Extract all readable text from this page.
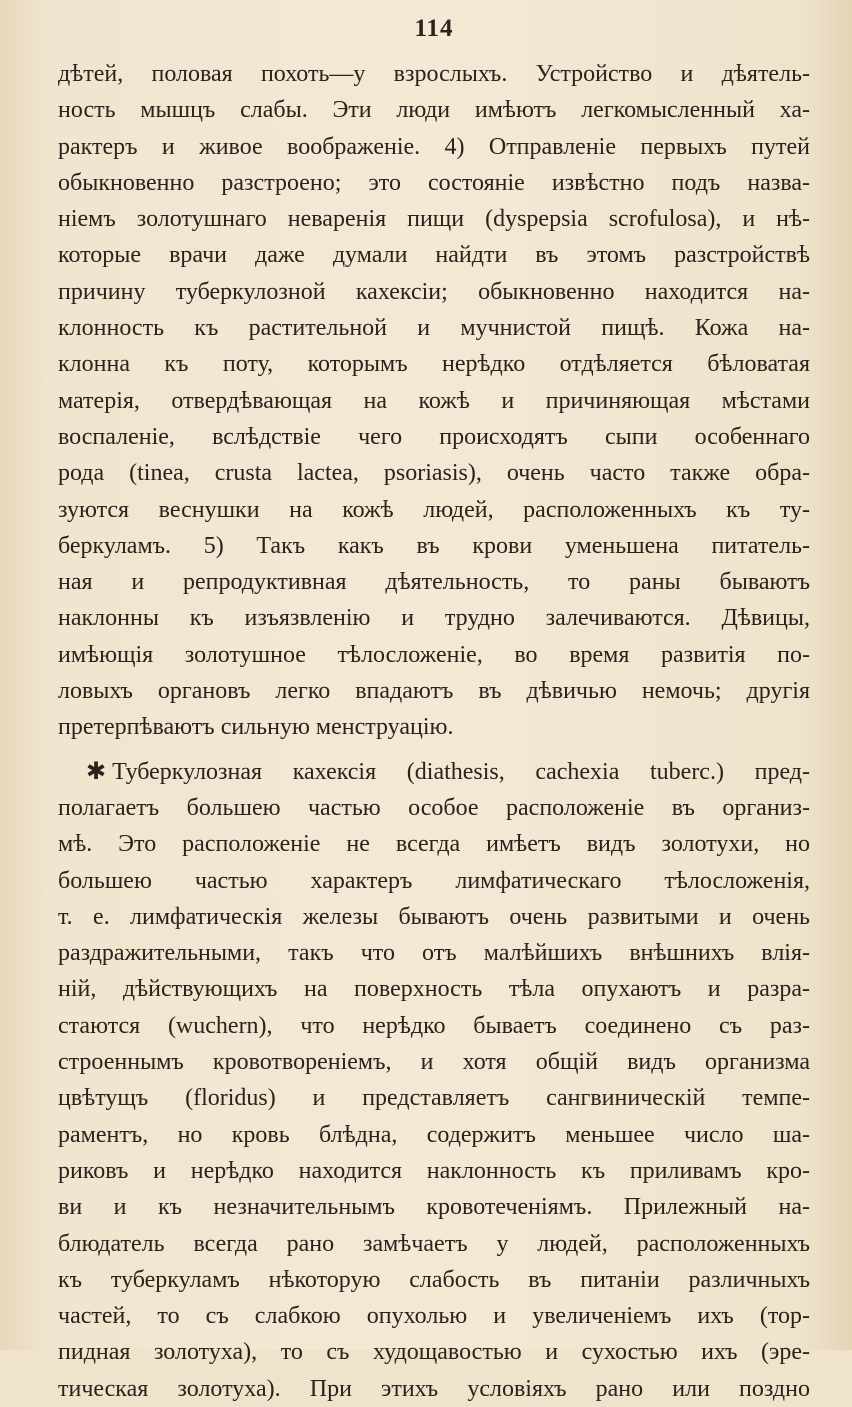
114
дѣтей, половая похоть—у взрослыхъ. Устройство и дѣятель-
ность мышцъ слабы. Эти люди имѣютъ легкомысленный ха-
рактеръ и живое воображеніе. 4) Отправленіе первыхъ путей
обыкновенно разстроено; это состояніе извѣстно подъ назва-
ніемъ золотушнаго неваренія пищи (dyspepsia scrofulosa), и нѣ-
которые врачи даже думали найдти въ этомъ разстройствѣ
причину туберкулозной кахексіи; обыкновенно находится на-
клонность къ растительной и мучнистой пищѣ. Кожа на-
клонна къ поту, которымъ нерѣдко отдѣляется бѣловатая
матерія, отвердѣвающая на кожѣ и причиняющая мѣстами
воспаленіе, вслѣдствіе чего происходятъ сыпи особеннаго
рода (tinea, crusta lactea, psoriasis), очень часто также обра-
зуются веснушки на кожѣ людей, расположенныхъ къ ту-
беркуламъ. 5) Такъ какъ въ крови уменьшена питатель-
ная и репродуктивная дѣятельность, то раны бываютъ
наклонны къ изъязвленію и трудно залечиваются. Дѣвицы,
имѣющія золотушное тѣлосложеніе, во время развитія по-
ловыхъ органовъ легко впадаютъ въ дѣвичью немочь; другія
претерпѣваютъ сильную менструацію.
✱ Туберкулозная кахексія (diathesis, cachexia tuberc.) пред-
полагаетъ большею частью особое расположеніе въ организ-
мѣ. Это расположеніе не всегда имѣетъ видъ золотухи, но
большею частью характеръ лимфатическаго тѣлосложенія,
т. е. лимфатическія железы бываютъ очень развитыми и очень
раздражительными, такъ что отъ малѣйшихъ внѣшнихъ влія-
ній, дѣйствующихъ на поверхность тѣла опухаютъ и разра-
стаются (wuchern), что нерѣдко бываетъ соединено съ раз-
строеннымъ кровотвореніемъ, и хотя общій видъ организма
цвѣтущъ (floridus) и представляетъ сангвиническій темпе-
раментъ, но кровь блѣдна, содержитъ меньшее число ша-
риковъ и нерѣдко находится наклонность къ приливамъ кро-
ви и къ незначительнымъ кровотеченіямъ. Прилежный на-
блюдатель всегда рано замѣчаетъ у людей, расположенныхъ
къ туберкуламъ нѣкоторую слабость въ питаніи различныхъ
частей, то съ слабкою опухолью и увеличеніемъ ихъ (тор-
пидная золотуха), то съ худощавостью и сухостью ихъ (эре-
тическая золотуха). При этихъ условіяхъ рано или поздно
